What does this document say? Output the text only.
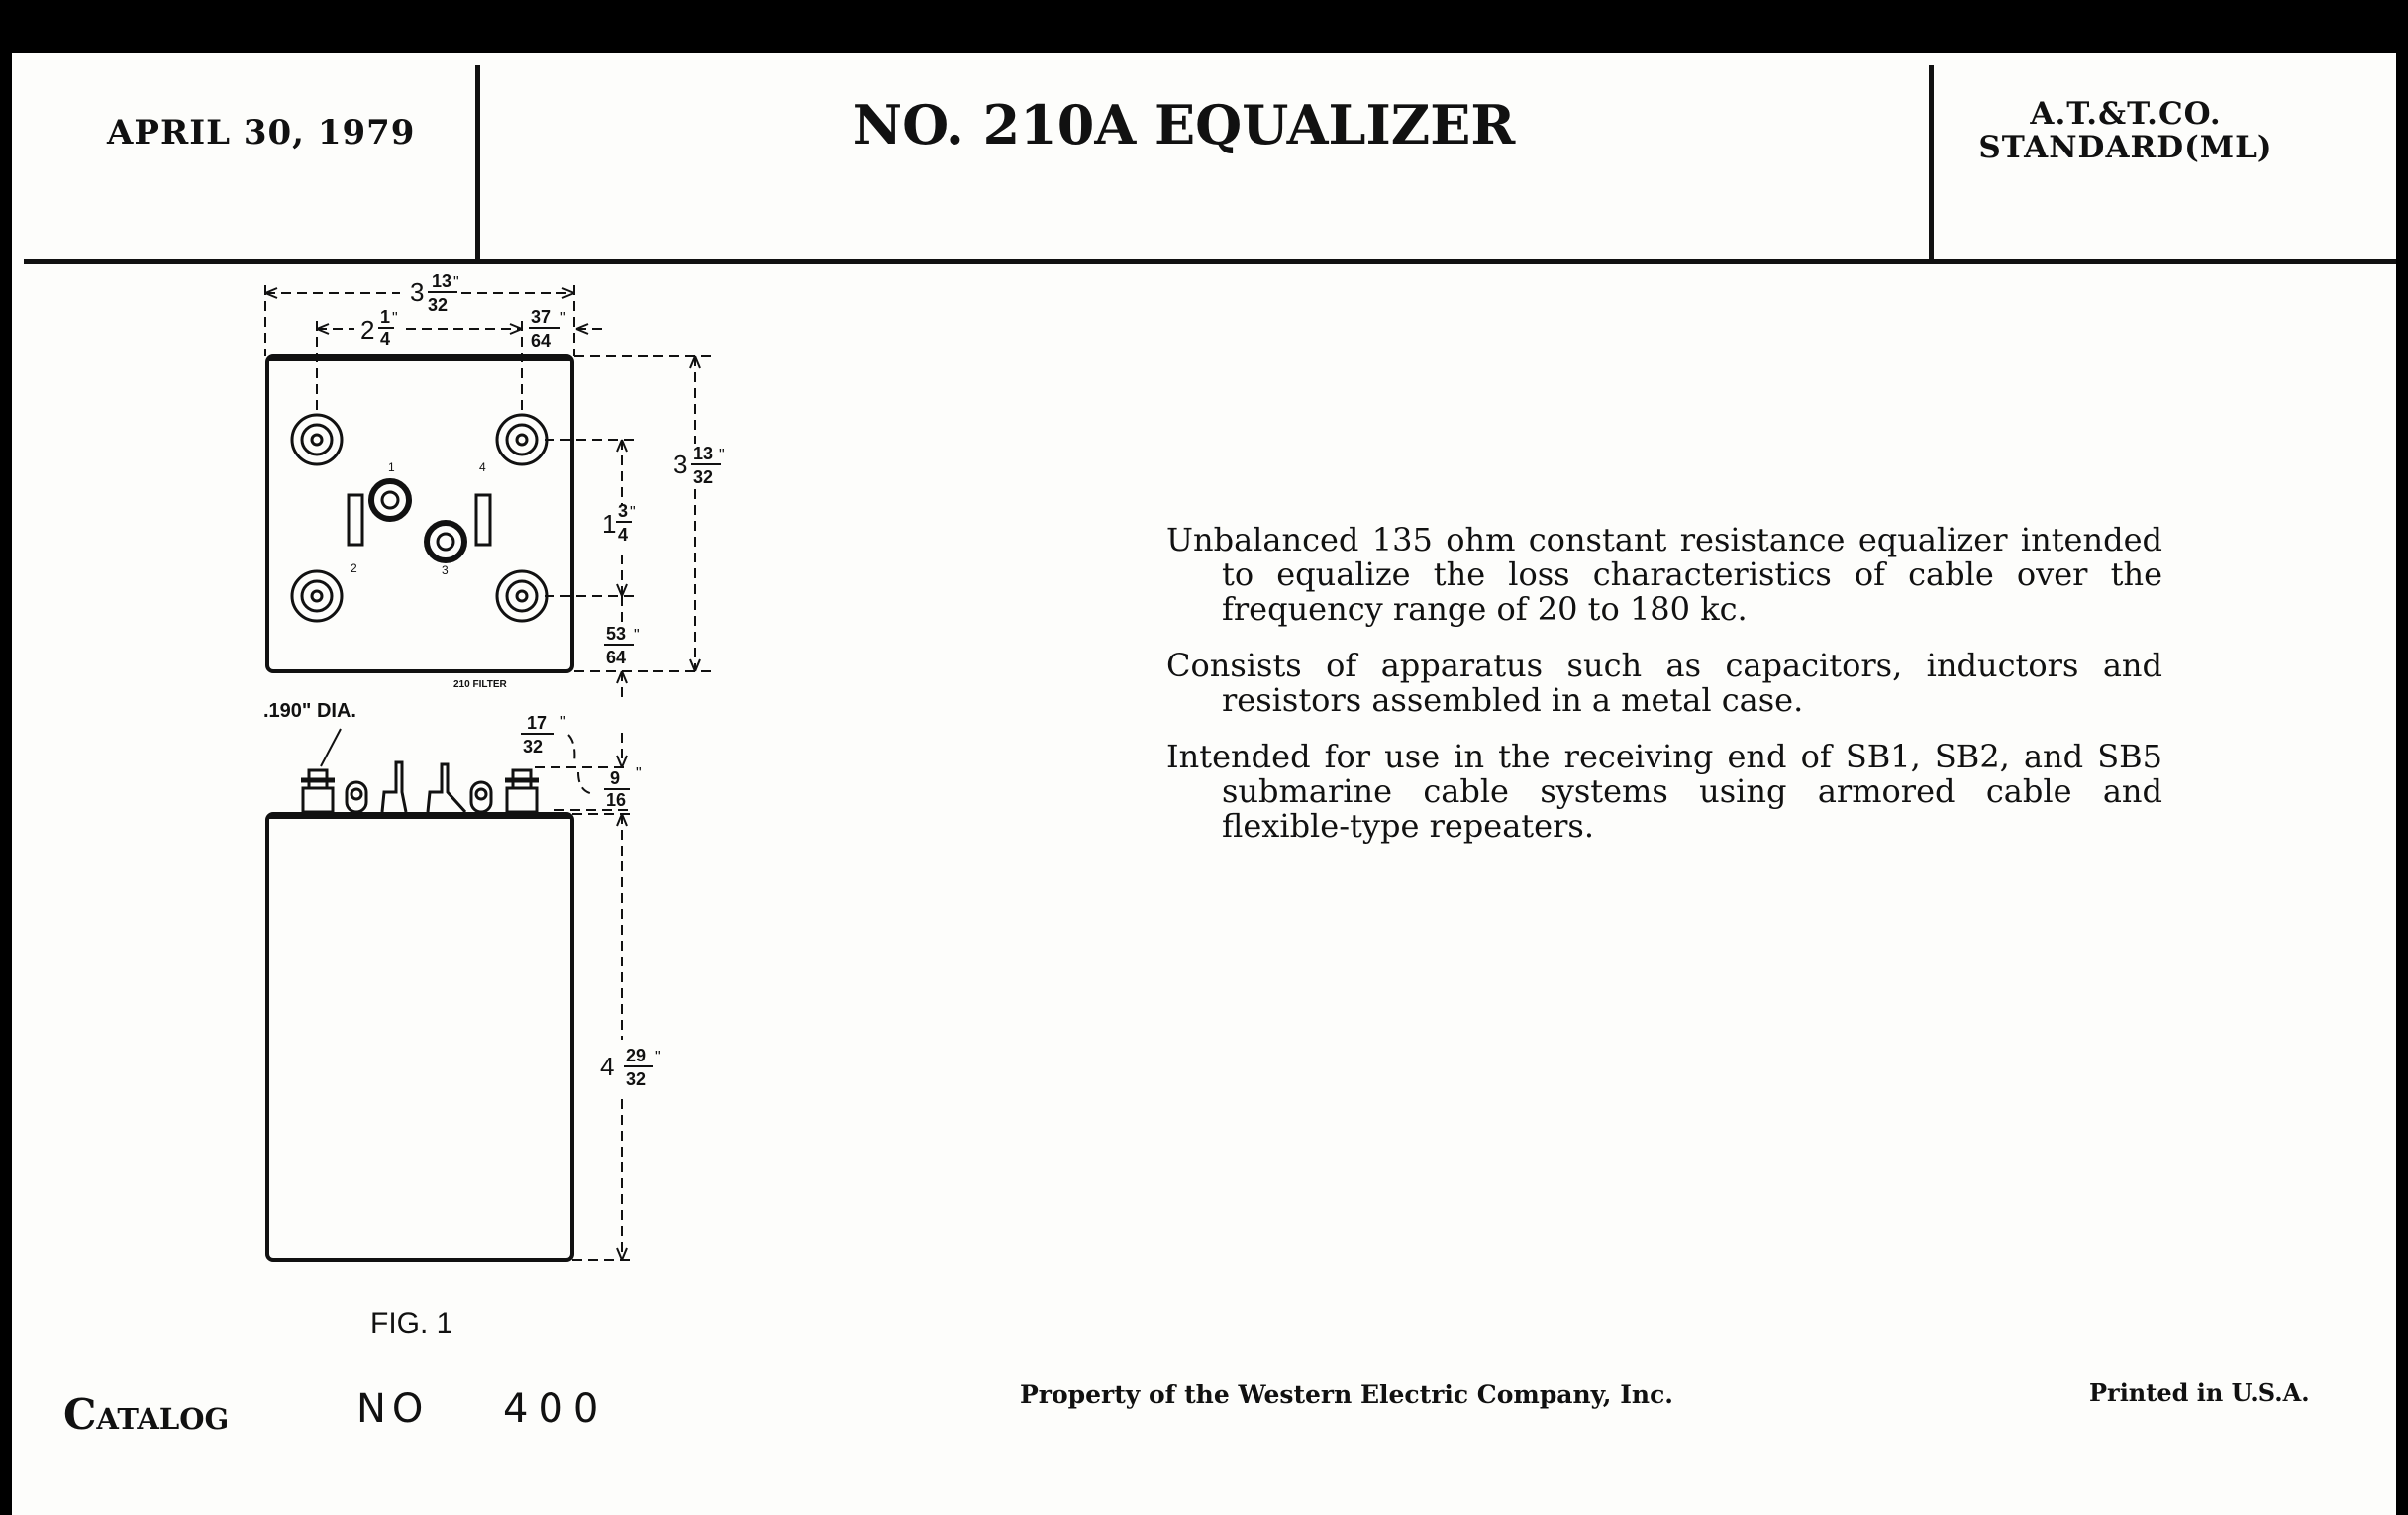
APRIL 30, 1979	NO. 210A EQUALIZER	A.T.&T.CO.
STANDARD(ML)
3 13
32
"
2 1
4
"	37
64
"
3 13
32
"
1 3
4
"
53
64
"
210 FILTER
.190" DIA.
17
32
"
9
16
"
4 29
32
"
1
2	3
4
FIG. 1

Unbalanced 135 ohm constant resistance equalizer intended to equalize the loss characteristics of cable over the frequency range of 20 to 180 kc.

Consists of apparatus such as capacitors, inductors and resistors assembled in a metal case.

Intended for use in the receiving end of SB1, SB2, and SB5 submarine cable systems using armored cable and flexible-type repeaters.

Catalog	NO 400	Property of the Western Electric Company, Inc.	Printed in U.S.A.
